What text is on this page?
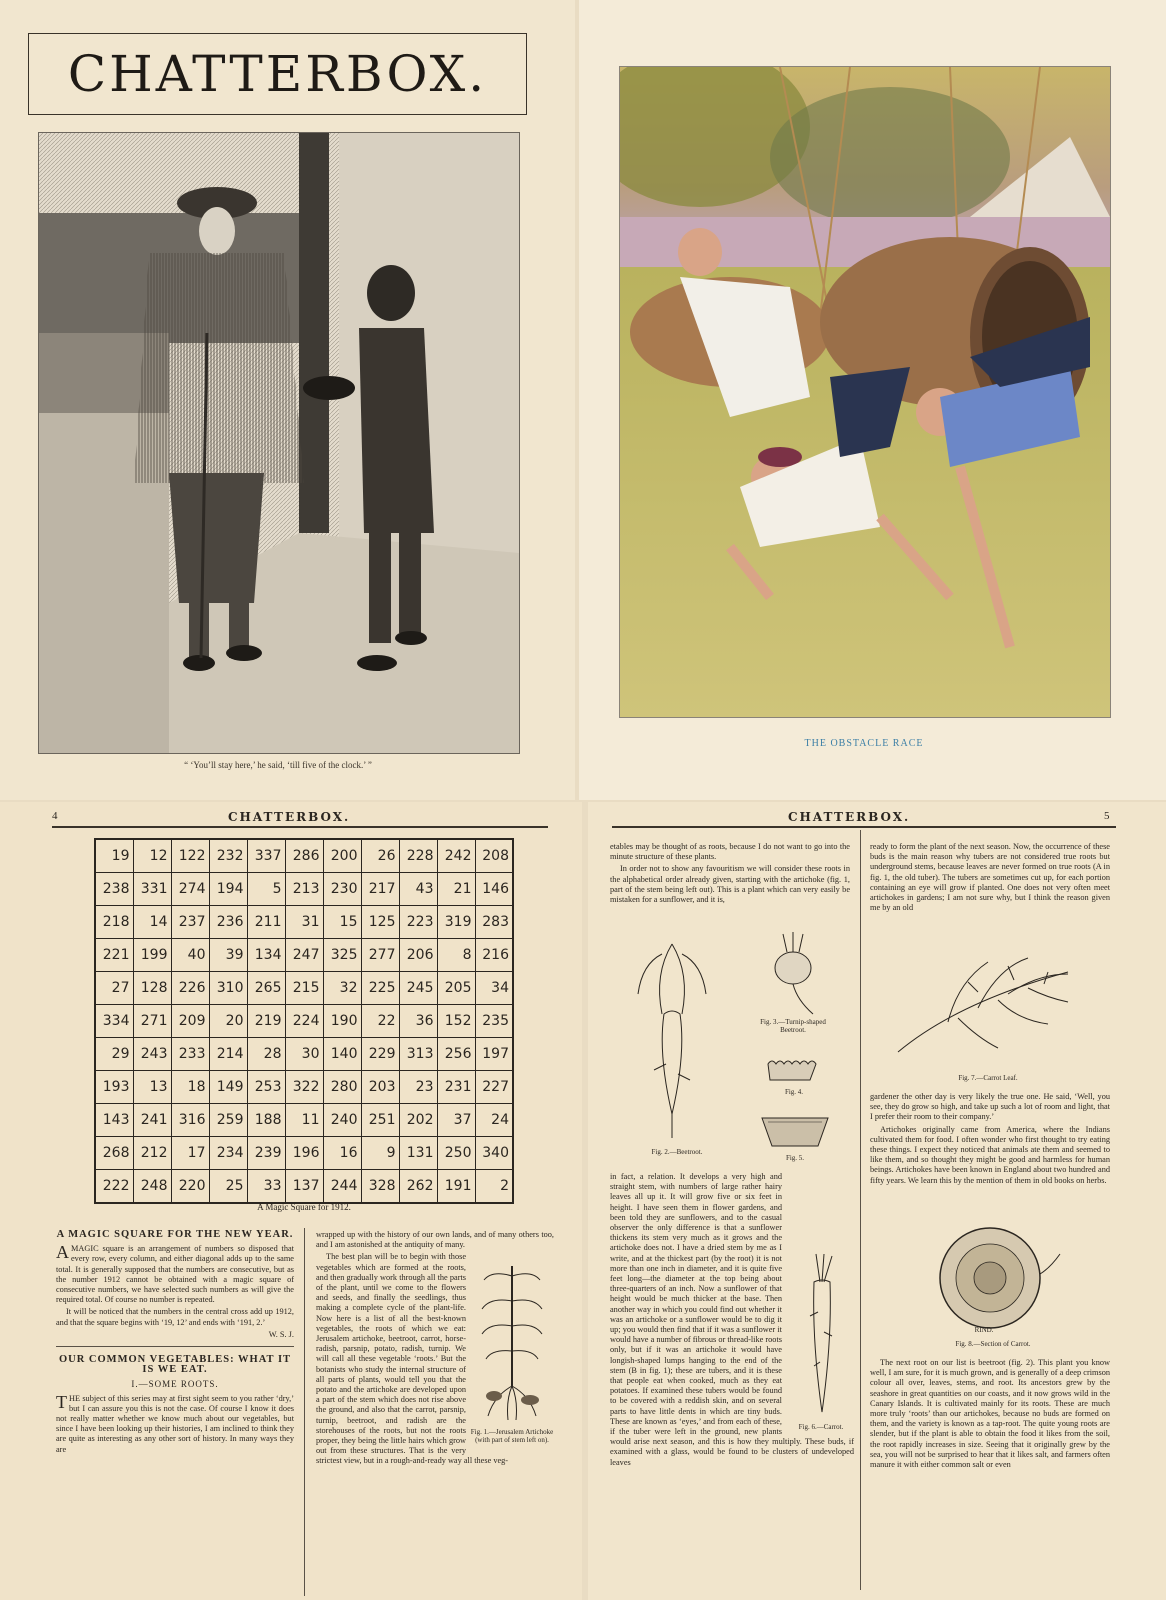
CHATTERBOX.
“ ‘You’ll stay here,’ he said, ‘till five of the clock.’ ”
THE OBSTACLE RACE
4	CHATTERBOX.
19	12	122	232	337	286	200	26	228	242	208
238	331	274	194	5	213	230	217	43	21	146
218	14	237	236	211	31	15	125	223	319	283
221	199	40	39	134	247	325	277	206	8	216
27	128	226	310	265	215	32	225	245	205	34
334	271	209	20	219	224	190	22	36	152	235
29	243	233	214	28	30	140	229	313	256	197
193	13	18	149	253	322	280	203	23	231	227
143	241	316	259	188	11	240	251	202	37	24
268	212	17	234	239	196	16	9	131	250	340
222	248	220	25	33	137	244	328	262	191	2
A Magic Square for 1912.
A MAGIC SQUARE FOR THE NEW YEAR.

AMAGIC square is an arrangement of numbers so disposed that every row, every column, and either diagonal adds up to the same total. It is generally supposed that the numbers are consecutive, but as the number 1912 cannot be obtained with a magic square of consecutive numbers, we have selected such numbers as will give the required total. Of course no number is repeated.

It will be noticed that the numbers in the central cross add up 1912, and that the square begins with ‘19, 12’ and ends with ‘191, 2.’

W. S. J.
OUR COMMON VEGETABLES: WHAT IT IS WE EAT.
I.—SOME ROOTS.

THE subject of this series may at first sight seem to you rather ‘dry,’ but I can assure you this is not the case. Of course I know it does not really matter whether we know much about our vegetables, but since I have been looking up their histories, I am inclined to think they are quite as interesting as any other sort of history. In many ways they are

wrapped up with the history of our own lands, and of many others too, and I am astonished at the antiquity of many.

Fig. 1.—Jerusalem Artichoke (with part of stem left on).

The best plan will be to begin with those vegetables which are formed at the roots, and then gradually work through all the parts of the plant, until we come to the flowers and seeds, and finally the seedlings, thus making a complete cycle of the plant-life. Now here is a list of all the best-known vegetables, the roots of which we eat: Jerusalem artichoke, beetroot, carrot, horse-radish, parsnip, potato, radish, turnip. We will call all these vegetable ‘roots.’ But the botanists who study the internal structure of all parts of plants, would tell you that the potato and the artichoke are developed upon a part of the stem which does not rise above the ground, and also that the carrot, parsnip, turnip, beetroot, and radish are the storehouses of the roots, but not the roots proper, they being the little hairs which grow out from these structures. That is the very strictest view, but in a rough-and-ready way all these veg-

CHATTERBOX.	5

etables may be thought of as roots, because I do not want to go into the minute structure of these plants.

In order not to show any favouritism we will consider these roots in the alphabetical order already given, starting with the artichoke (fig. 1, part of the stem being left out). This is a plant which can very easily be mistaken for a sunflower, and it is,

Fig. 2.—Beetroot.
Fig. 3.—Turnip-shaped Beetroot.
Fig. 4.
Fig. 5.
Fig. 6.—Carrot.

in fact, a relation. It develops a very high and straight stem, with numbers of large rather hairy leaves all up it. It will grow five or six feet in height. I have seen them in flower gardens, and been told they are sunflowers, and to the casual observer the only difference is that a sunflower thickens its stem very much as it grows and the artichoke does not. I have a dried stem by me as I write, and at the thickest part (by the root) it is not more than one inch in diameter, and it is quite five feet long—the diameter at the top being about three-quarters of an inch. Now a sunflower of that height would be much thicker at the base. Then another way in which you could find out whether it was an artichoke or a sunflower would be to dig it up; you would then find that if it was a sunflower it would have a number of fibrous or thread-like roots only, but if it was an artichoke it would have longish-shaped lumps hanging to the end of the stem (B in fig. 1); these are tubers, and it is these that people eat when cooked, much as they eat potatoes. If examined these tubers would be found to be covered with a reddish skin, and on several parts to have little dents in which are tiny buds. These are known as ‘eyes,’ and from each of these, if the tuber were left in the ground, new plants would arise next season, and this is how they multiply. These buds, if examined with a glass, would be found to be clusters of undeveloped leaves

ready to form the plant of the next season. Now, the occurrence of these buds is the main reason why tubers are not considered true roots but underground stems, because leaves are never formed on true roots (A in fig. 1, the old tuber). The tubers are sometimes cut up, for each portion containing an eye will grow if planted. One does not very often meet artichokes in gardens; I am not sure why, but I think the reason given me by an old

Fig. 7.—Carrot Leaf.

gardener the other day is very likely the true one. He said, ‘Well, you see, they do grow so high, and take up such a lot of room and light, that I prefer their room to their company.’

Artichokes originally came from America, where the Indians cultivated them for food. I often wonder who first thought to try eating these things. I expect they noticed that animals ate them and seemed to like them, and so thought they might be good and harmless for human beings. Artichokes have been known in England about two hundred and fifty years. We learn this by the mention of them in old books on herbs.

RIND.
Fig. 8.—Section of Carrot.

The next root on our list is beetroot (fig. 2). This plant you know well, I am sure, for it is much grown, and is generally of a deep crimson colour all over, leaves, stems, and root. Its ancestors grew by the seashore in great quantities on our coasts, and it now grows wild in the Canary Islands. It is cultivated mainly for its roots. These are much more truly ‘roots’ than our artichokes, because no buds are formed on them, and the variety is known as a tap-root. The quite young roots are slender, but if the plant is able to obtain the food it likes from the soil, the root rapidly increases in size. Seeing that it originally grew by the sea, you will not be surprised to hear that it likes salt, and farmers often manure it with either common salt or even
